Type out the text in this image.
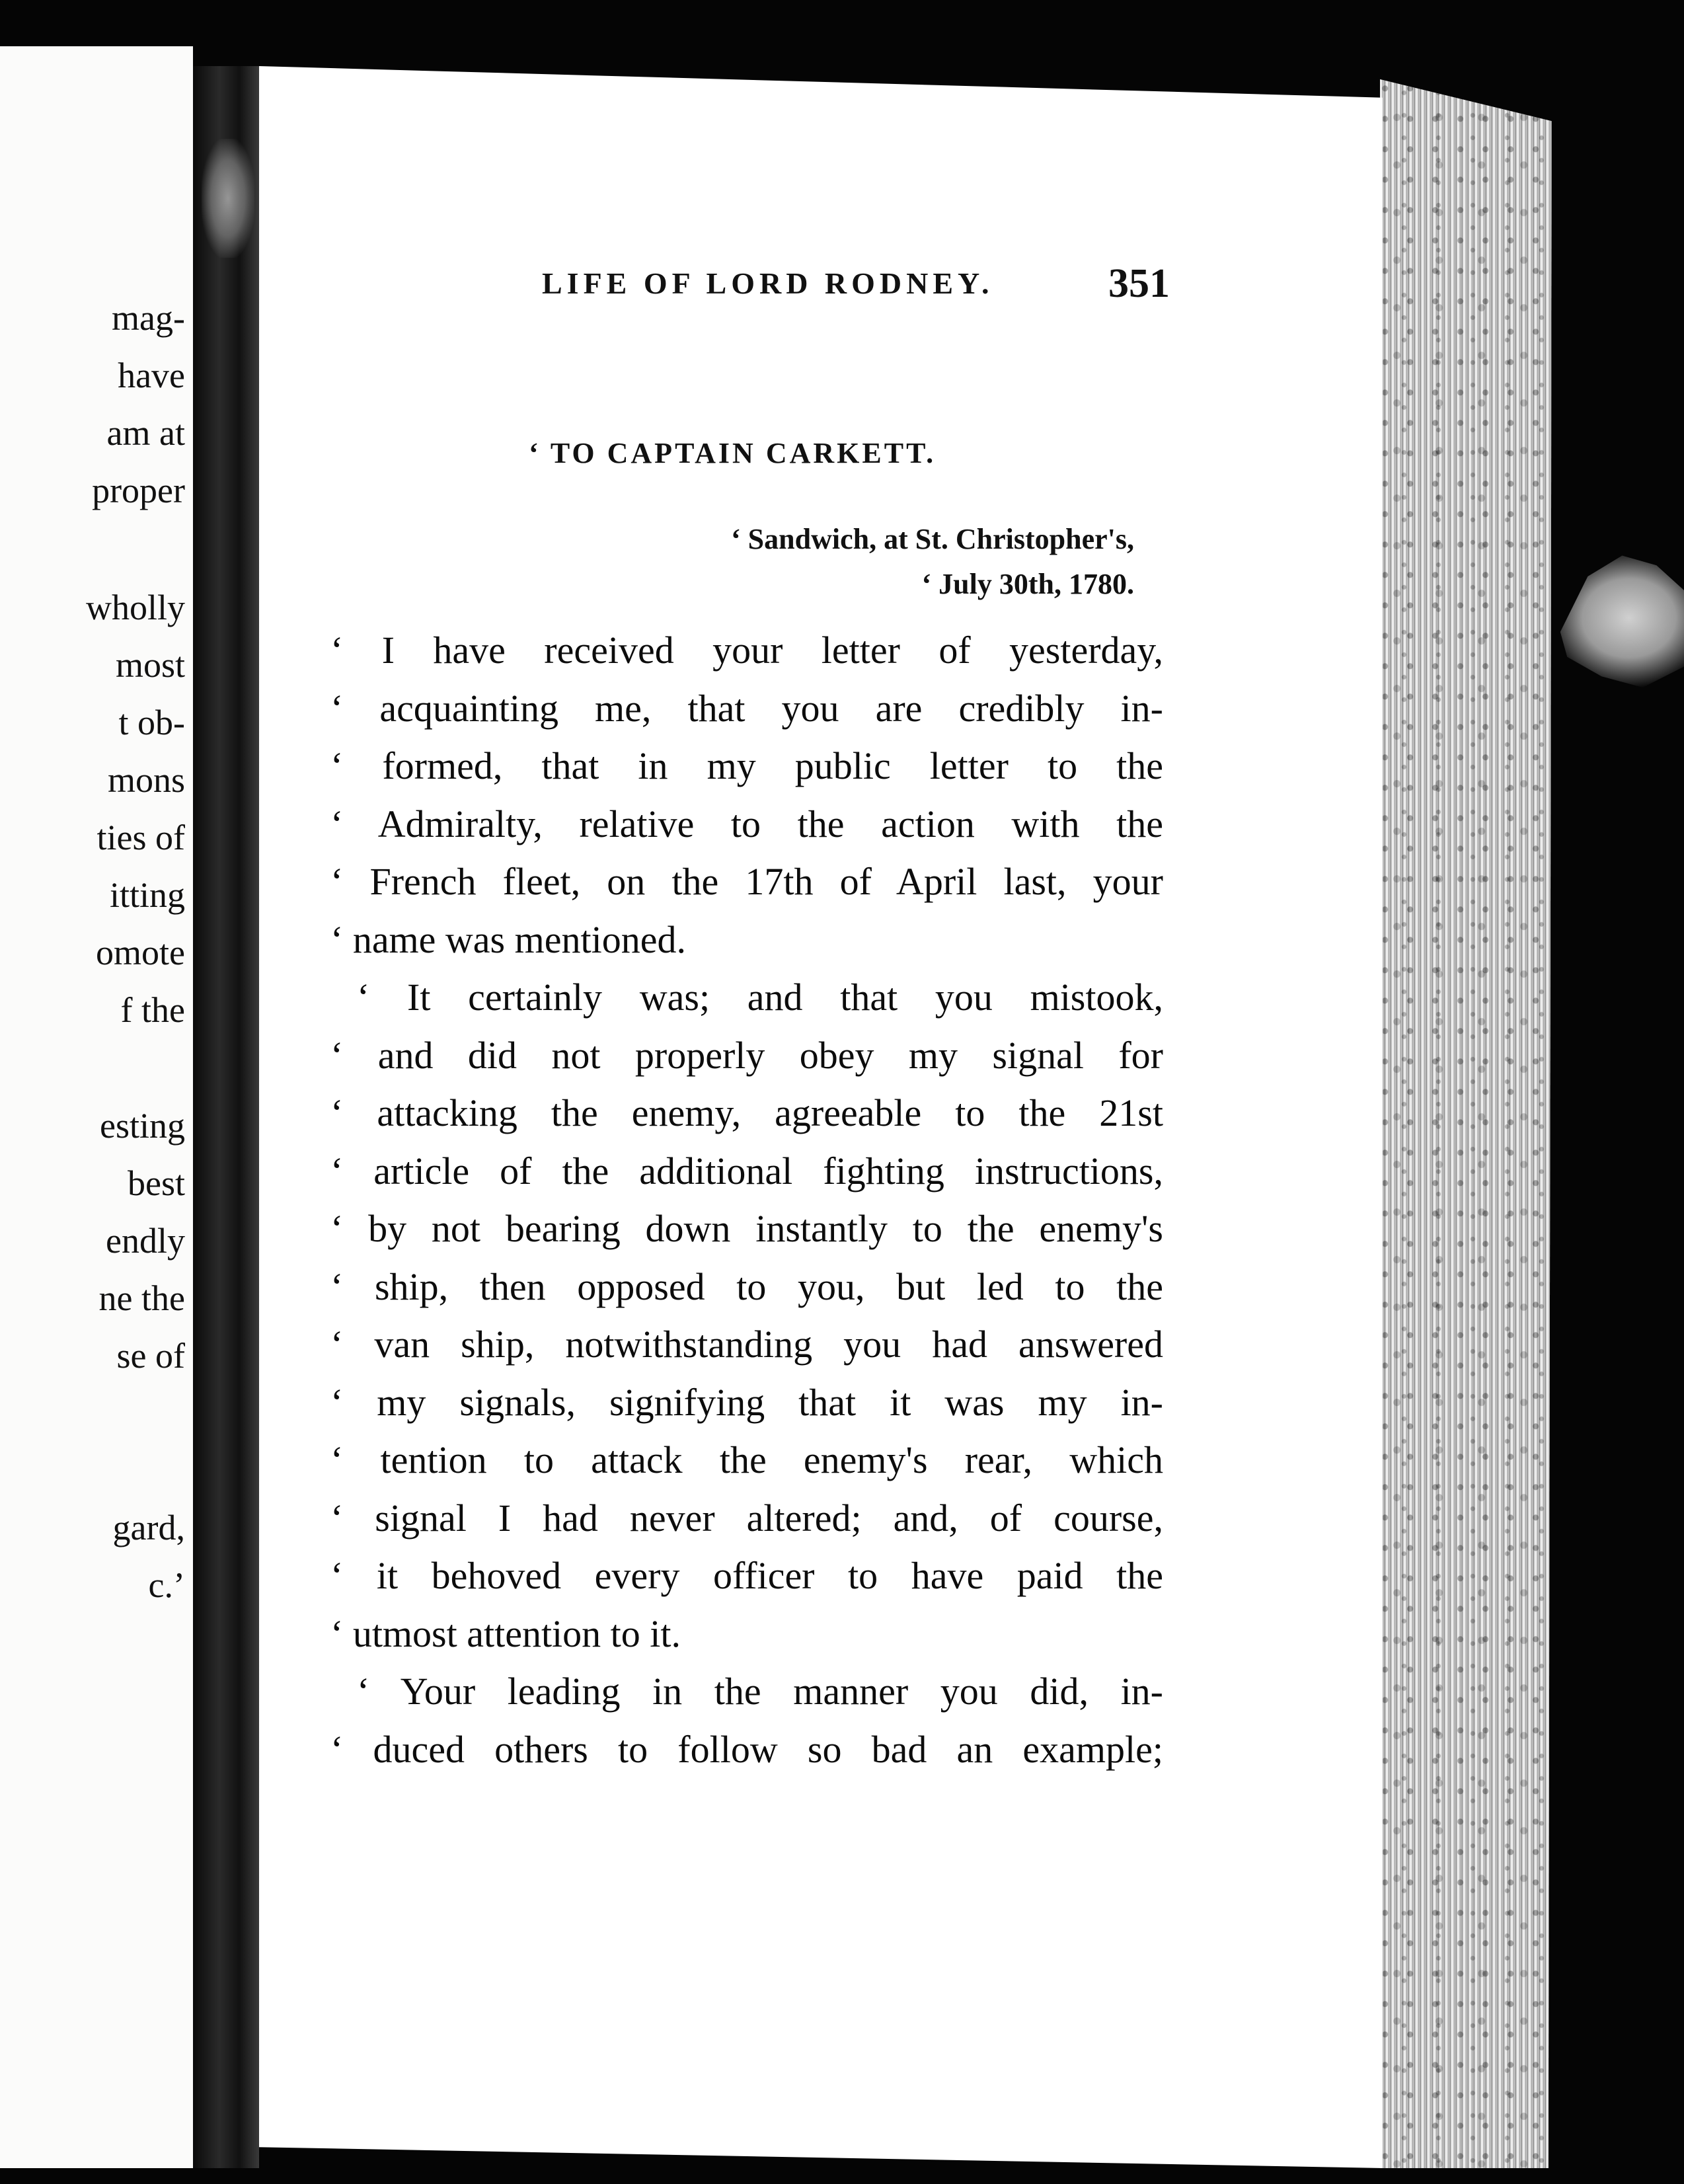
mag-
have
am at
proper
wholly
most
t ob-
mons
ties of
itting
omote
f the
esting
best
endly
ne the
se of
gard,
c.’
LIFE OF LORD RODNEY.	351
‘ TO CAPTAIN CARKETT.
‘ Sandwich, at St. Christopher's,
‘ July 30th, 1780.
‘ I have received your letter of yesterday,
‘ acquainting me, that you are credibly in-
‘ formed, that in my public letter to the
‘ Admiralty, relative to the action with the
‘ French fleet, on the 17th of April last, your
‘ name was mentioned.
‘ It certainly was; and that you mistook,
‘ and did not properly obey my signal for
‘ attacking the enemy, agreeable to the 21st
‘ article of the additional fighting instructions,
‘ by not bearing down instantly to the enemy's
‘ ship, then opposed to you, but led to the
‘ van ship, notwithstanding you had answered
‘ my signals, signifying that it was my in-
‘ tention to attack the enemy's rear, which
‘ signal I had never altered; and, of course,
‘ it behoved every officer to have paid the
‘ utmost attention to it.
‘ Your leading in the manner you did, in-
‘ duced others to follow so bad an example;
